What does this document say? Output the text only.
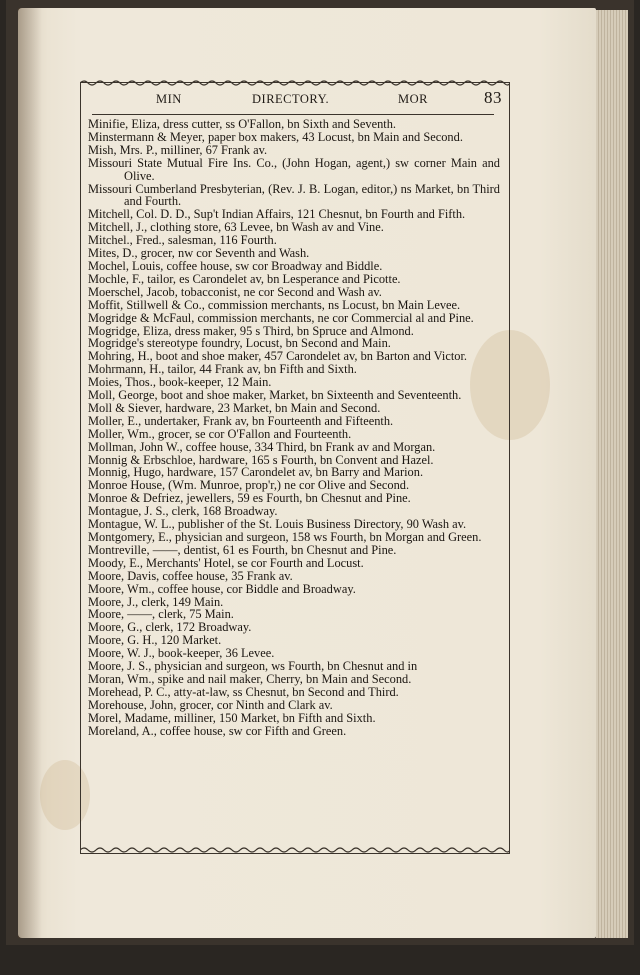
MIN	DIRECTORY.	MOR	83

Minifie, Eliza, dress cutter, ss O'Fallon, bn Sixth and Seventh.

Minstermann & Meyer, paper box makers, 43 Locust, bn Main and Second.

Mish, Mrs. P., milliner, 67 Frank av.

Missouri State Mutual Fire Ins. Co., (John Hogan, agent,) sw corner Main and Olive.

Missouri Cumberland Presbyterian, (Rev. J. B. Logan, editor,) ns Market, bn Third and Fourth.

Mitchell, Col. D. D., Sup't Indian Affairs, 121 Chesnut, bn Fourth and Fifth.

Mitchell, J., clothing store, 63 Levee, bn Wash av and Vine.

Mitchel., Fred., salesman, 116 Fourth.

Mites, D., grocer, nw cor Seventh and Wash.

Mochel, Louis, coffee house, sw cor Broadway and Biddle.

Mochle, F., tailor, es Carondelet av, bn Lesperance and Picotte.

Moerschel, Jacob, tobacconist, ne cor Second and Wash av.

Moffit, Stillwell & Co., commission merchants, ns Locust, bn Main Levee.

Mogridge & McFaul, commission merchants, ne cor Commercial al and Pine.

Mogridge, Eliza, dress maker, 95 s Third, bn Spruce and Almond.

Mogridge's stereotype foundry, Locust, bn Second and Main.

Mohring, H., boot and shoe maker, 457 Carondelet av, bn Barton and Victor.

Mohrmann, H., tailor, 44 Frank av, bn Fifth and Sixth.

Moies, Thos., book-keeper, 12 Main.

Moll, George, boot and shoe maker, Market, bn Sixteenth and Seventeenth.

Moll & Siever, hardware, 23 Market, bn Main and Second.

Moller, E., undertaker, Frank av, bn Fourteenth and Fifteenth.

Moller, Wm., grocer, se cor O'Fallon and Fourteenth.

Mollman, John W., coffee house, 334 Third, bn Frank av and Morgan.

Monnig & Erbschloe, hardware, 165 s Fourth, bn Convent and Hazel.

Monnig, Hugo, hardware, 157 Carondelet av, bn Barry and Marion.

Monroe House, (Wm. Munroe, prop'r,) ne cor Olive and Second.

Monroe & Defriez, jewellers, 59 es Fourth, bn Chesnut and Pine.

Montague, J. S., clerk, 168 Broadway.

Montague, W. L., publisher of the St. Louis Business Directory, 90 Wash av.

Montgomery, E., physician and surgeon, 158 ws Fourth, bn Morgan and Green.

Montreville, ——, dentist, 61 es Fourth, bn Chesnut and Pine.

Moody, E., Merchants' Hotel, se cor Fourth and Locust.

Moore, Davis, coffee house, 35 Frank av.

Moore, Wm., coffee house, cor Biddle and Broadway.

Moore, J., clerk, 149 Main.

Moore, ——, clerk, 75 Main.

Moore, G., clerk, 172 Broadway.

Moore, G. H., 120 Market.

Moore, W. J., book-keeper, 36 Levee.

Moore, J. S., physician and surgeon, ws Fourth, bn Chesnut and in

Moran, Wm., spike and nail maker, Cherry, bn Main and Second.

Morehead, P. C., atty-at-law, ss Chesnut, bn Second and Third.

Morehouse, John, grocer, cor Ninth and Clark av.

Morel, Madame, milliner, 150 Market, bn Fifth and Sixth.

Moreland, A., coffee house, sw cor Fifth and Green.
